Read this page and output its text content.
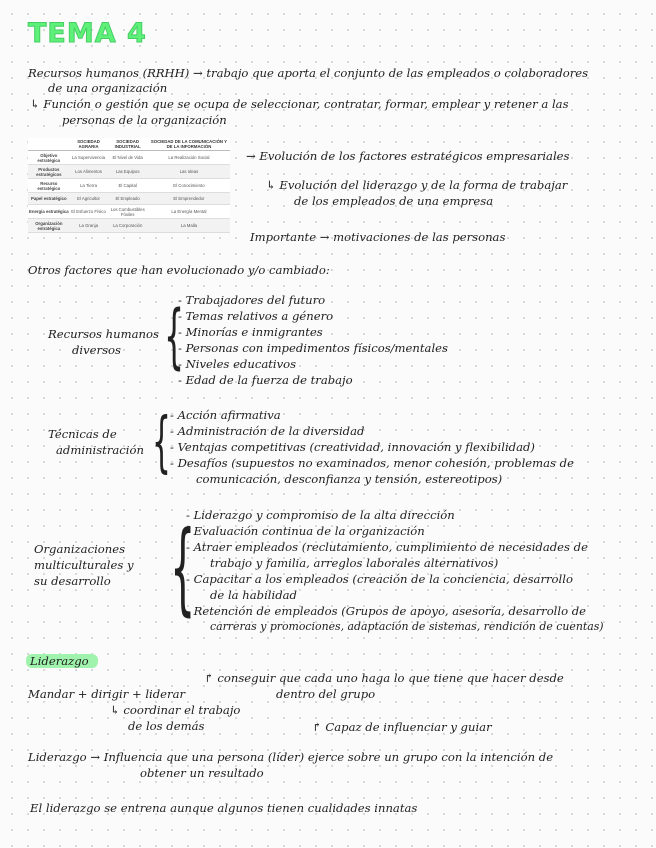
TEMA 4
Recursos humanos (RRHH) → trabajo que aporta el conjunto de las empleados o colaboradores
de una organización
↳ Función o gestión que se ocupa de seleccionar, contratar, formar, emplear y retener a las
personas de la organización
	SOCIEDAD AGRARIA	SOCIEDAD INDUSTRIAL	SOCIEDAD DE LA COMUNICACIÓN Y DE LA INFORMACIÓN
Objetivo estratégico	La Supervivencia	El Nivel de Vida	La Realización Social
Productos estratégicos	Los Alimentos	Las Equipos	Las Ideas
Recurso estratégico	La Tierra	El Capital	El Conocimiento
Papel estratégico	El Agricultor	El Empleado	El Emprendedor
Energía estratégica	El Esfuerzo Físico	Los Combustibles Fósiles	La Energía Mental
Organización estratégica	La Granja	La Corporación	La Malla
→ Evolución de los factores estratégicos empresariales
↳ Evolución del liderazgo y de la forma de trabajar
de los empleados de una empresa
Importante → motivaciones de las personas
Otros factores que han evolucionado y/o cambiado:
Recursos humanos
diversos {
- Trabajadores del futuro
- Temas relativos a género
- Minorías e inmigrantes
- Personas con impedimentos físicos/mentales
- Niveles educativos
- Edad de la fuerza de trabajo
Técnicas de
administración { - Acción afirmativa
- Administración de la diversidad
- Ventajas competitivas (creatividad, innovación y flexibilidad)
- Desafíos (supuestos no examinados, menor cohesión, problemas de
comunicación, desconfianza y tensión, estereotipos)
Organizaciones
multiculturales y
su desarrollo {
- Liderazgo y compromiso de la alta dirección
- Evaluación continua de la organización
- Atraer empleados (reclutamiento, cumplimiento de necesidades de
trabajo y familia, arreglos laborales alternativos)
- Capacitar a los empleados (creación de la conciencia, desarrollo
de la habilidad
- Retención de empleados (Grupos de apoyo, asesoría, desarrollo de
carreras y promociones, adaptación de sistemas, rendición de cuentas)
Liderazgo
↱ conseguir que cada uno haga lo que tiene que hacer desde
Mandar + dirigir + liderar	dentro del grupo
↳ coordinar el trabajo
de los demás	↱ Capaz de influenciar y guiar
Liderazgo → Influencia que una persona (líder) ejerce sobre un grupo con la intención de
obtener un resultado
El liderazgo se entrena aunque algunos tienen cualidades innatas
